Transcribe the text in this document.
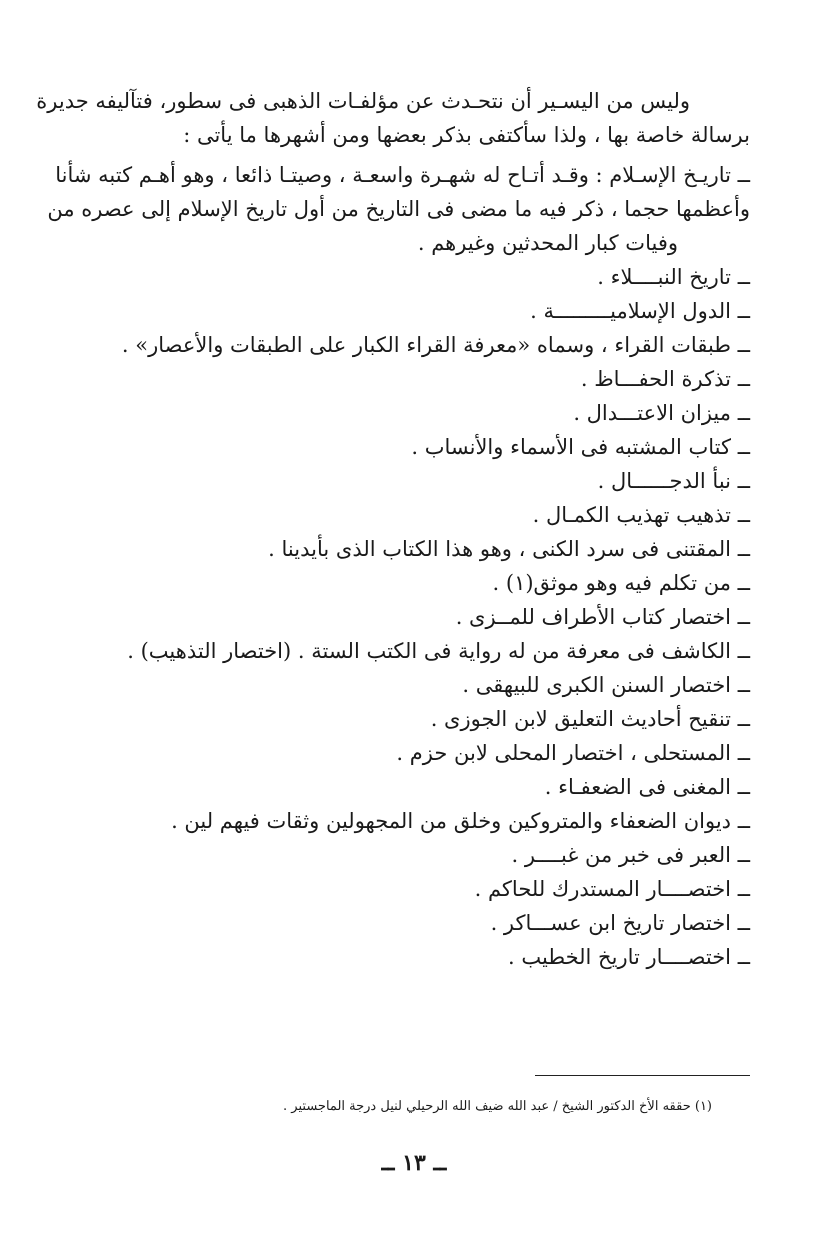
وليس من اليسـير أن نتحـدث عن مؤلفـات الذهبى فى سطور، فتآليفه جديرة
برسالة خاصة بها ، ولذا سأكتفى بذكر بعضها ومن أشهرها ما يأتى :
ــ تاريـخ الإسـلام : وقـد أتـاح له شهـرة واسعـة ، وصيتـا ذائعا ، وهو أهـم كتبه شأنا
وأعظمها حجما ، ذكر فيه ما مضى فى التاريخ من أول تاريخ الإسلام إلى عصره من
وفيات كبار المحدثين وغيرهم .
ــ تاريخ النبــــلاء .
ــ الدول الإسلاميـــــــــة .
ــ طبقات القراء ، وسماه «معرفة القراء الكبار على الطبقات والأعصار» .
ــ تذكرة الحفـــاظ .
ــ ميزان الاعتـــدال .
ــ كتاب المشتبه فى الأسماء والأنساب .
ــ نبأ الدجــــــال .
ــ تذهيب تهذيب الكمـال .
ــ المقتنى فى سرد الكنى ، وهو هذا الكتاب الذى بأيدينا .
ــ من تكلم فيه وهو موثق(١) .
ــ اختصار كتاب الأطراف للمــزى .
ــ الكاشف فى معرفة من له رواية فى الكتب الستة . (اختصار التذهيب) .
ــ اختصار السنن الكبرى للبيهقى .
ــ تنقيح أحاديث التعليق لابن الجوزى .
ــ المستحلى ، اختصار المحلى لابن حزم .
ــ المغنى فى الضعفـاء .
ــ ديوان الضعفاء والمتروكين وخلق من المجهولين وثقات فيهم لين .
ــ العبر فى خبر من غبــــر .
ــ اختصــــار المستدرك للحاكم .
ــ اختصار تاريخ ابن عســـاكر .
ــ اختصــــار تاريخ الخطيب .
(١) حققه الأخ الدكتور الشيخ / عبد الله ضيف الله الرحيلي لنيل درجة الماجستير .
ــ ١٣ ــ
